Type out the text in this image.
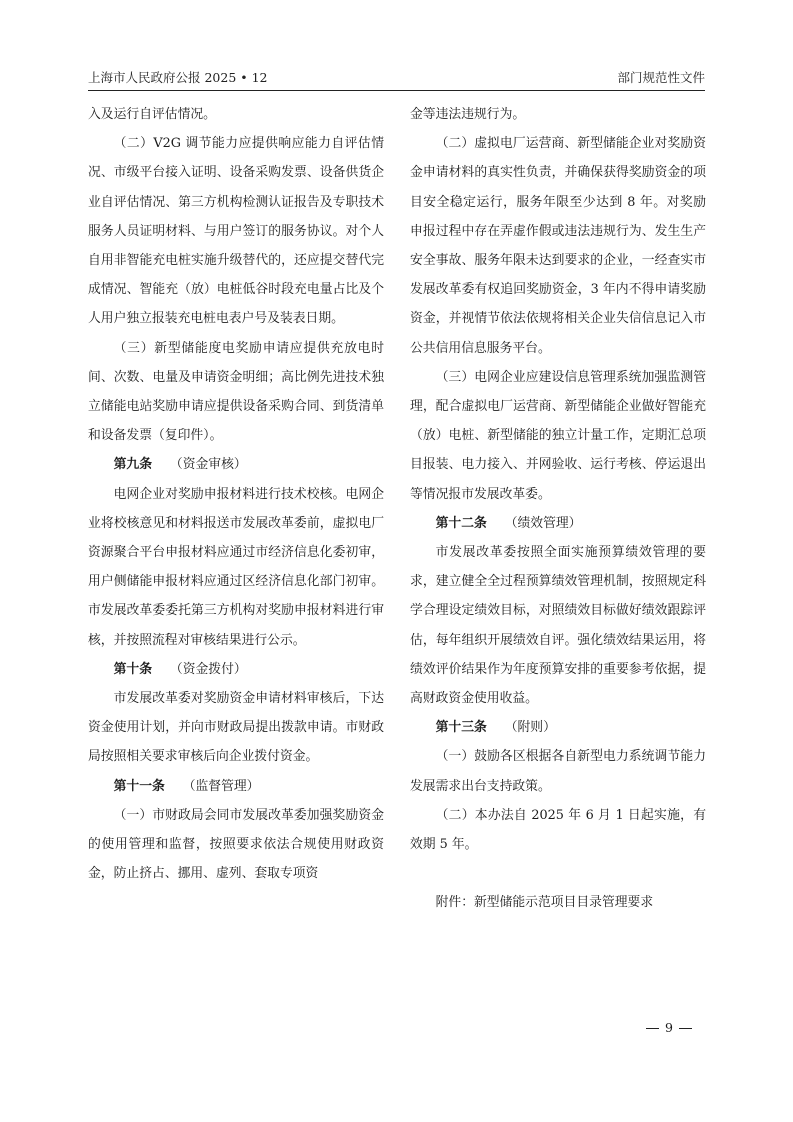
上海市人民政府公报 2025 • 12	部门规范性文件

入及运行自评估情况。

（二）V2G 调节能力应提供响应能力自评估情况、市级平台接入证明、设备采购发票、设备供货企业自评估情况、第三方机构检测认证报告及专职技术服务人员证明材料、与用户签订的服务协议。对个人自用非智能充电桩实施升级替代的，还应提交替代完成情况、智能充（放）电桩低谷时段充电量占比及个人用户独立报装充电桩电表户号及装表日期。

（三）新型储能度电奖励申请应提供充放电时间、次数、电量及申请资金明细；高比例先进技术独立储能电站奖励申请应提供设备采购合同、到货清单和设备发票（复印件）。

第九条 （资金审核）

电网企业对奖励申报材料进行技术校核。电网企业将校核意见和材料报送市发展改革委前，虚拟电厂资源聚合平台申报材料应通过市经济信息化委初审，用户侧储能申报材料应通过区经济信息化部门初审。市发展改革委委托第三方机构对奖励申报材料进行审核，并按照流程对审核结果进行公示。

第十条 （资金拨付）

市发展改革委对奖励资金申请材料审核后，下达资金使用计划，并向市财政局提出拨款申请。市财政局按照相关要求审核后向企业拨付资金。

第十一条 （监督管理）

（一）市财政局会同市发展改革委加强奖励资金的使用管理和监督，按照要求依法合规使用财政资金，防止挤占、挪用、虚列、套取专项资

金等违法违规行为。

（二）虚拟电厂运营商、新型储能企业对奖励资金申请材料的真实性负责，并确保获得奖励资金的项目安全稳定运行，服务年限至少达到 8 年。对奖励申报过程中存在弄虚作假或违法违规行为、发生生产安全事故、服务年限未达到要求的企业，一经查实市发展改革委有权追回奖励资金，3 年内不得申请奖励资金，并视情节依法依规将相关企业失信信息记入市公共信用信息服务平台。

（三）电网企业应建设信息管理系统加强监测管理，配合虚拟电厂运营商、新型储能企业做好智能充（放）电桩、新型储能的独立计量工作，定期汇总项目报装、电力接入、并网验收、运行考核、停运退出等情况报市发展改革委。

第十二条 （绩效管理）

市发展改革委按照全面实施预算绩效管理的要求，建立健全全过程预算绩效管理机制，按照规定科学合理设定绩效目标，对照绩效目标做好绩效跟踪评估，每年组织开展绩效自评。强化绩效结果运用，将绩效评价结果作为年度预算安排的重要参考依据，提高财政资金使用收益。

第十三条 （附则）

（一）鼓励各区根据各自新型电力系统调节能力发展需求出台支持政策。

（二）本办法自 2025 年 6 月 1 日起实施，有效期 5 年。

附件：新型储能示范项目目录管理要求

9
